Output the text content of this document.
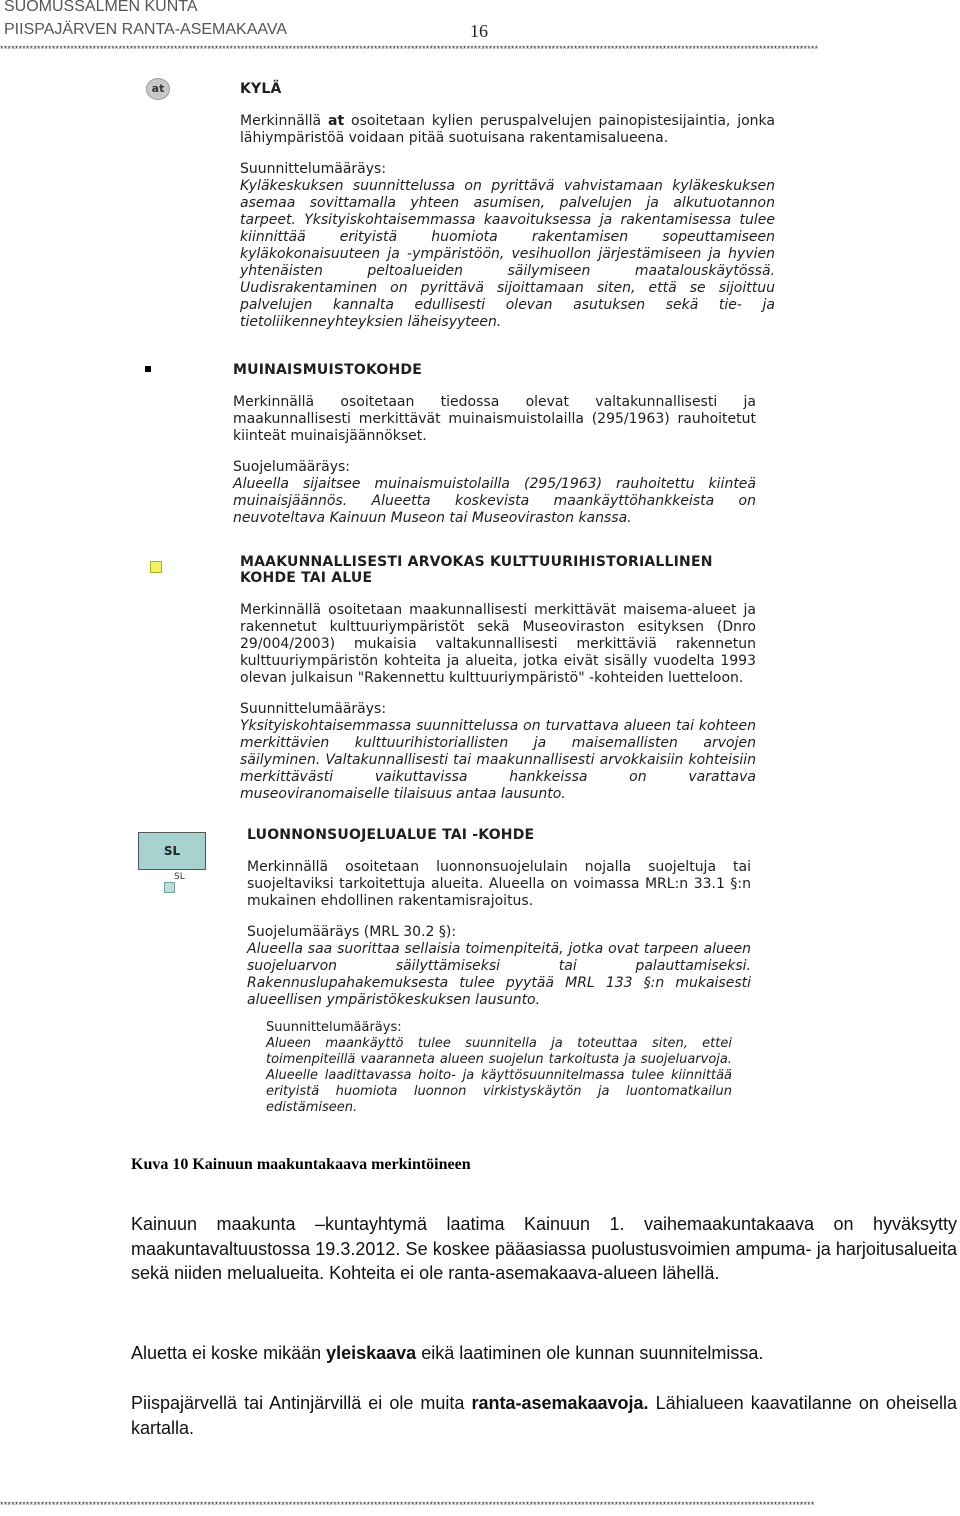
SUOMUSSALMEN KUNTA
PIISPAJÄRVEN RANTA-ASEMAKAAVA	16
*****************************************************************************************************************************************************************************************************************************
at	KYLÄ

Merkinnällä at osoitetaan kylien peruspalvelujen painopistesijaintia, jonka lähiympäristöä voidaan pitää suotuisana rakentamisalueena.

Suunnittelumääräys:

Kyläkeskuksen suunnittelussa on pyrittävä vahvistamaan kyläkeskuksen asemaa sovittamalla yhteen asumisen, palvelujen ja alkutuotannon tarpeet. Yksityiskohtaisemmassa kaavoituksessa ja rakentamisessa tulee kiinnittää erityistä huomiota rakentamisen sopeuttamiseen kyläkokonaisuuteen ja -ympäristöön, vesihuollon järjestämiseen ja hyvien yhtenäisten peltoalueiden säilymiseen maatalouskäytössä. Uudisrakentaminen on pyrittävä sijoittamaan siten, että se sijoittuu palvelujen kannalta edullisesti olevan asutuksen sekä tie- ja tietoliikenneyhteyksien läheisyyteen.

MUINAISMUISTOKOHDE

Merkinnällä osoitetaan tiedossa olevat valtakunnallisesti ja maakunnallisesti merkittävät muinaismuistolailla (295/1963) rauhoitetut kiinteät muinaisjäännökset.

Suojelumääräys:

Alueella sijaitsee muinaismuistolailla (295/1963) rauhoitettu kiinteä muinaisjäännös. Alueetta koskevista maankäyttöhankkeista on neuvoteltava Kainuun Museon tai Museoviraston kanssa.

MAAKUNNALLISESTI ARVOKAS KULTTUURIHISTORIALLINEN
KOHDE TAI ALUE

Merkinnällä osoitetaan maakunnallisesti merkittävät maisema-alueet ja rakennetut kulttuuriympäristöt sekä Museoviraston esityksen (Dnro 29/004/2003) mukaisia valtakunnallisesti merkittäviä rakennetun kulttuuriympäristön kohteita ja alueita, jotka eivät sisälly vuodelta 1993 olevan julkaisun "Rakennettu kulttuuriympäristö" -kohteiden luetteloon.

Suunnittelumääräys:

Yksityiskohtaisemmassa suunnittelussa on turvattava alueen tai kohteen merkittävien kulttuurihistoriallisten ja maisemallisten arvojen säilyminen. Valtakunnallisesti tai maakunnallisesti arvokkaisiin kohteisiin merkittävästi vaikuttavissa hankkeissa on varattava museoviranomaiselle tilaisuus antaa lausunto.

SL
SL
LUONNONSUOJELUALUE TAI -KOHDE

Merkinnällä osoitetaan luonnonsuojelulain nojalla suojeltuja tai suojeltaviksi tarkoitettuja alueita. Alueella on voimassa MRL:n 33.1 §:n mukainen ehdollinen rakentamisrajoitus.

Suojelumääräys (MRL 30.2 §):

Alueella saa suorittaa sellaisia toimenpiteitä, jotka ovat tarpeen alueen suojeluarvon säilyttämiseksi tai palauttamiseksi. Rakennuslupahakemuksesta tulee pyytää MRL 133 §:n mukaisesti alueellisen ympäristökeskuksen lausunto.

Suunnittelumääräys:

Alueen maankäyttö tulee suunnitella ja toteuttaa siten, ettei toimenpiteillä vaaranneta alueen suojelun tarkoitusta ja suojeluarvoja. Alueelle laadittavassa hoito- ja käyttösuunnitelmassa tulee kiinnittää erityistä huomiota luonnon virkistyskäytön ja luontomatkailun edistämiseen.

Kuva 10 Kainuun maakuntakaava merkintöineen

Kainuun maakunta –kuntayhtymä laatima Kainuun 1. vaihemaakuntakaava on hyväksytty maakuntavaltuustossa 19.3.2012. Se koskee pääasiassa puolustusvoimien ampuma- ja harjoitusalueita sekä niiden melualueita. Kohteita ei ole ranta-asemakaava-alueen lähellä.

Aluetta ei koske mikään yleiskaava eikä laatiminen ole kunnan suunnitelmissa.

Piispajärvellä tai Antinjärvillä ei ole muita ranta-asemakaavoja. Lähialueen kaavatilanne on oheisella kartalla.

****************************************************************************************************************************************************************************************************************************
